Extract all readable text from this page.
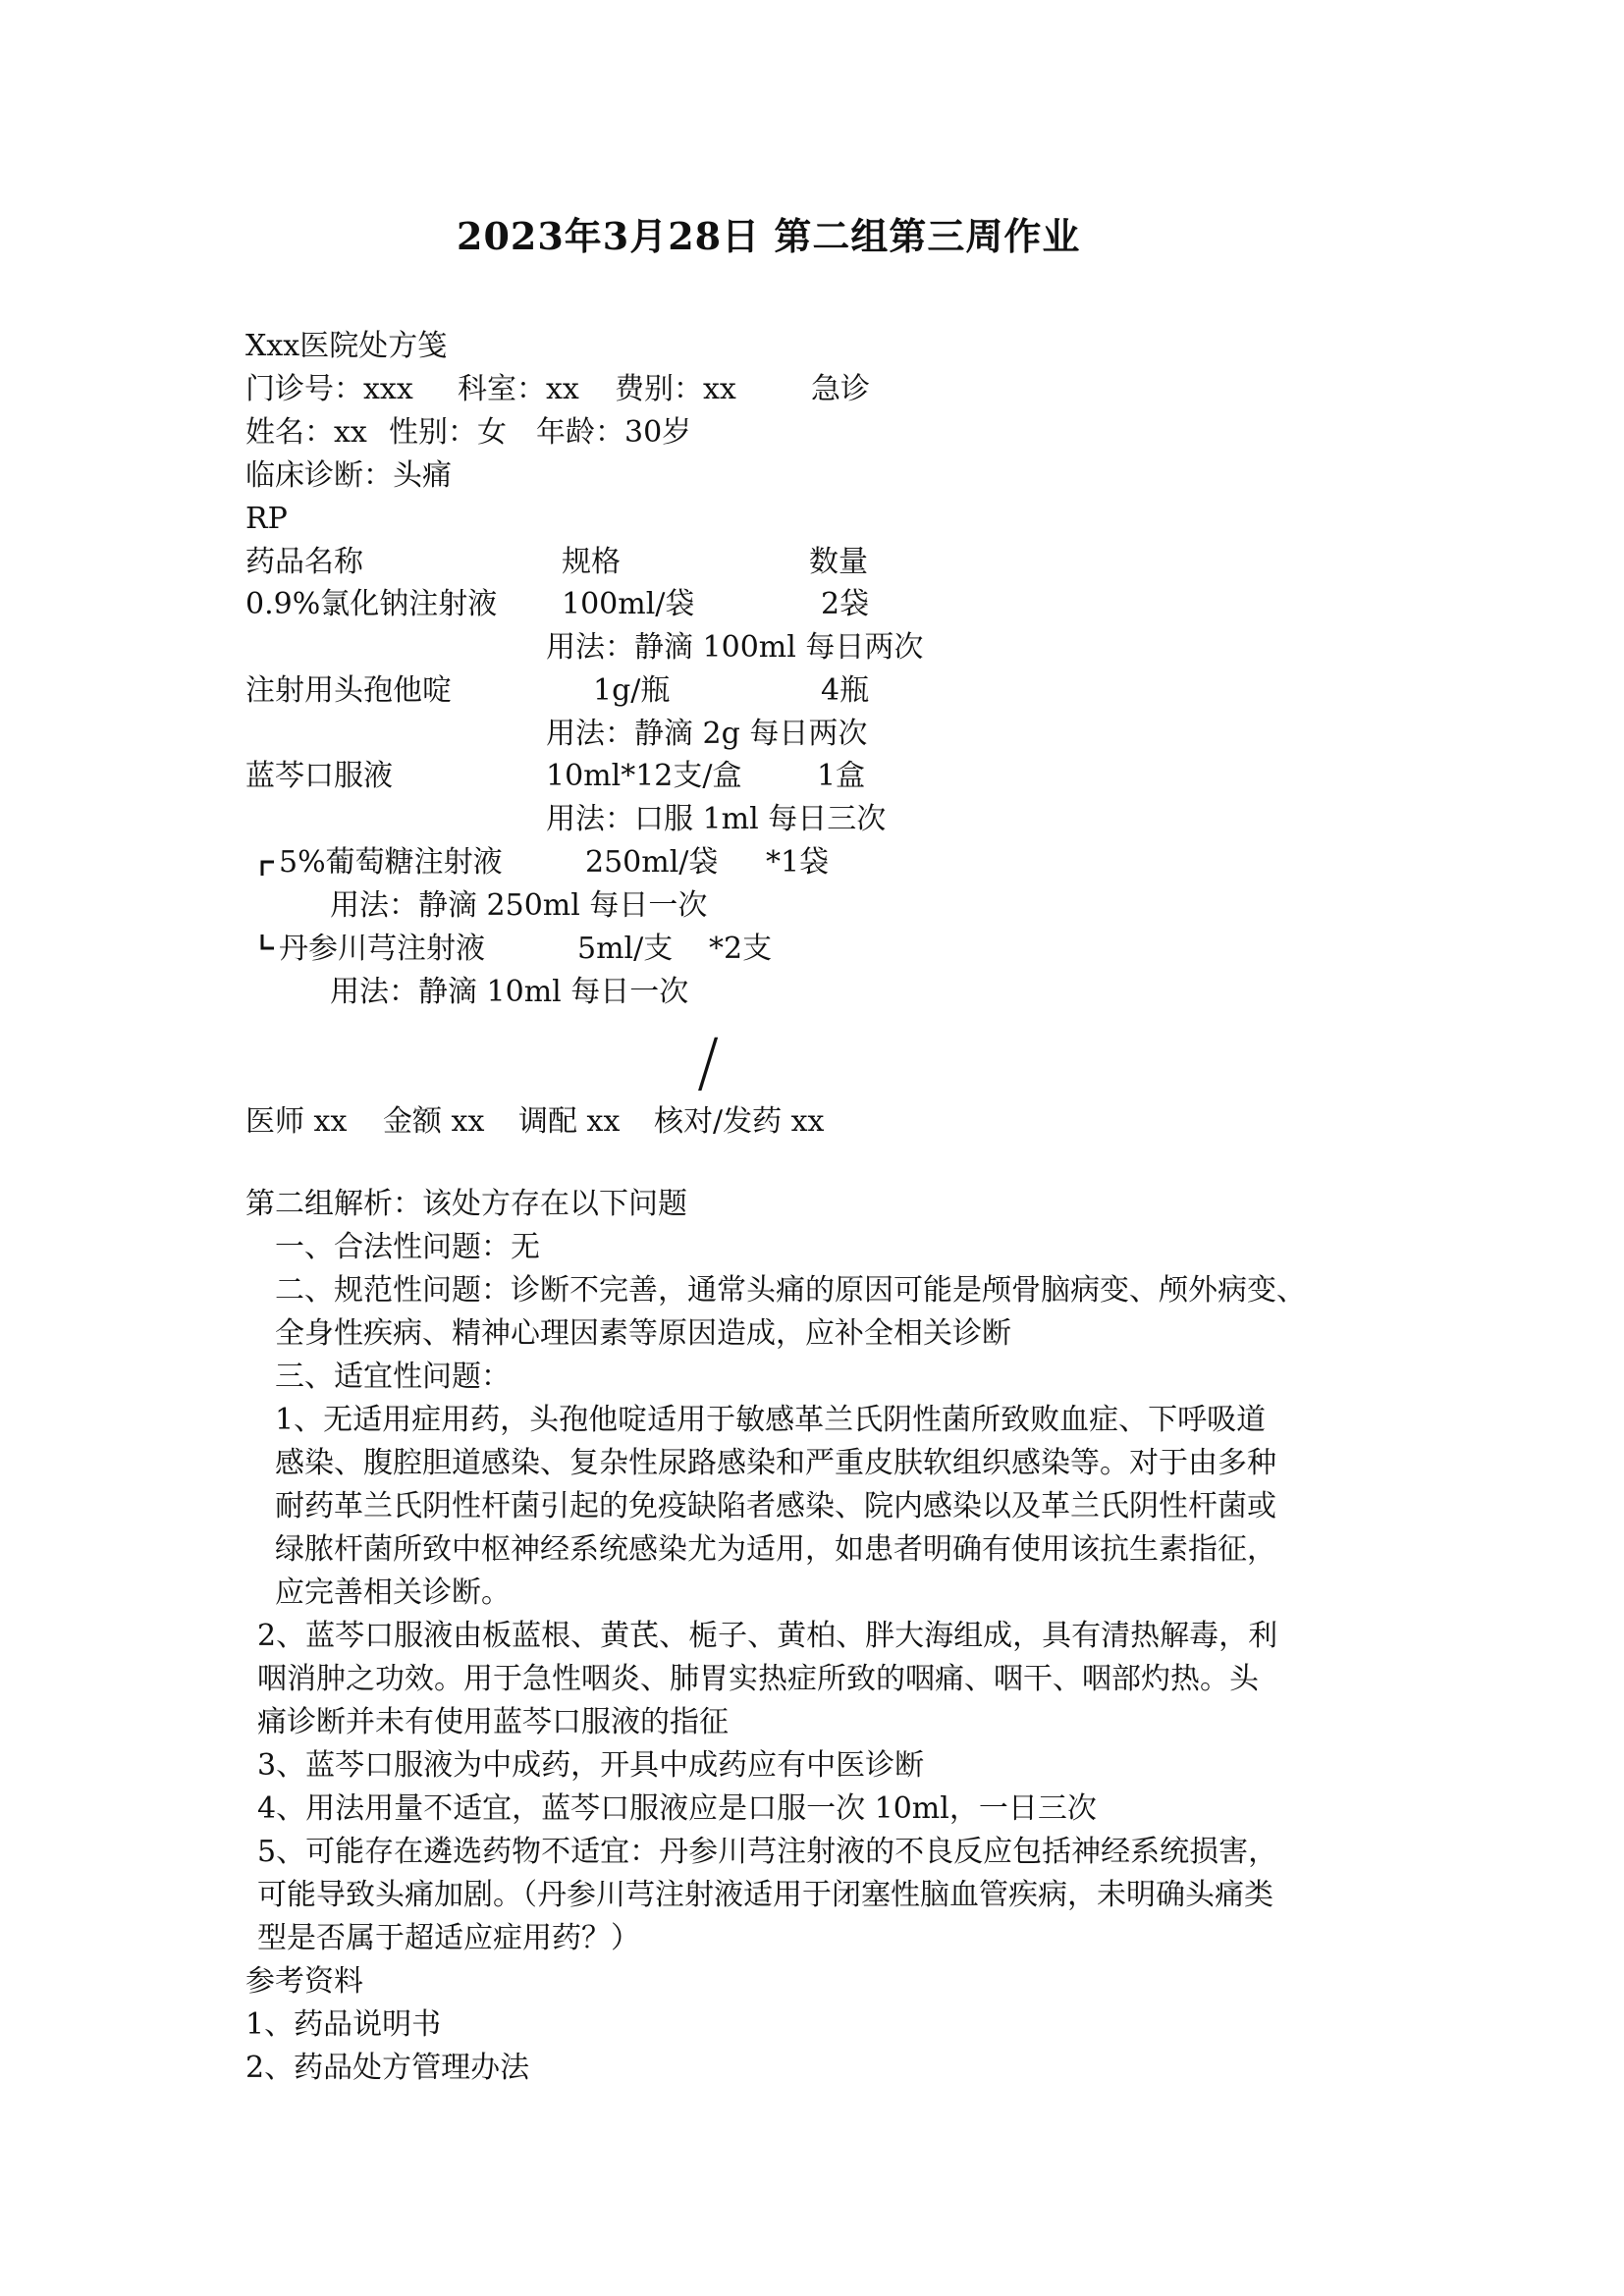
2023年3月28日 第二组第三周作业
Xxx医院处方笺
门诊号：xxx 科室：xx 费别：xx	急诊
姓名：xx 性别：女 年龄：30岁
临床诊断：头痛
RP
药品名称	规格	数量
0.9%氯化钠注射液 100ml/袋	2袋
用法：静滴 100ml 每日两次
注射用头孢他啶	1g/瓶	4瓶
用法：静滴 2g 每日两次
蓝芩口服液	10ml*12支/盒	1盒
用法：口服 1ml 每日三次
5%葡萄糖注射液	250ml/袋 *1袋
用法：静滴 250ml 每日一次
丹参川芎注射液	5ml/支 *2支
用法：静滴 10ml 每日一次
/
医师 xx 金额 xx 调配 xx 核对/发药 xx
第二组解析：该处方存在以下问题
一、合法性问题：无
二、规范性问题：诊断不完善，通常头痛的原因可能是颅骨脑病变、颅外病变、
全身性疾病、精神心理因素等原因造成，应补全相关诊断
三、适宜性问题：
1、无适用症用药，头孢他啶适用于敏感革兰氏阴性菌所致败血症、下呼吸道
感染、腹腔胆道感染、复杂性尿路感染和严重皮肤软组织感染等。对于由多种
耐药革兰氏阴性杆菌引起的免疫缺陷者感染、院内感染以及革兰氏阴性杆菌或
绿脓杆菌所致中枢神经系统感染尤为适用，如患者明确有使用该抗生素指征，
应完善相关诊断。
2、蓝芩口服液由板蓝根、黄芪、栀子、黄柏、胖大海组成，具有清热解毒，利
咽消肿之功效。用于急性咽炎、肺胃实热症所致的咽痛、咽干、咽部灼热。头
痛诊断并未有使用蓝芩口服液的指征
3、蓝芩口服液为中成药，开具中成药应有中医诊断
4、用法用量不适宜，蓝芩口服液应是口服一次 10ml，一日三次
5、可能存在遴选药物不适宜：丹参川芎注射液的不良反应包括神经系统损害，
可能导致头痛加剧。（丹参川芎注射液适用于闭塞性脑血管疾病，未明确头痛类
型是否属于超适应症用药？）
参考资料
1、药品说明书
2、药品处方管理办法
